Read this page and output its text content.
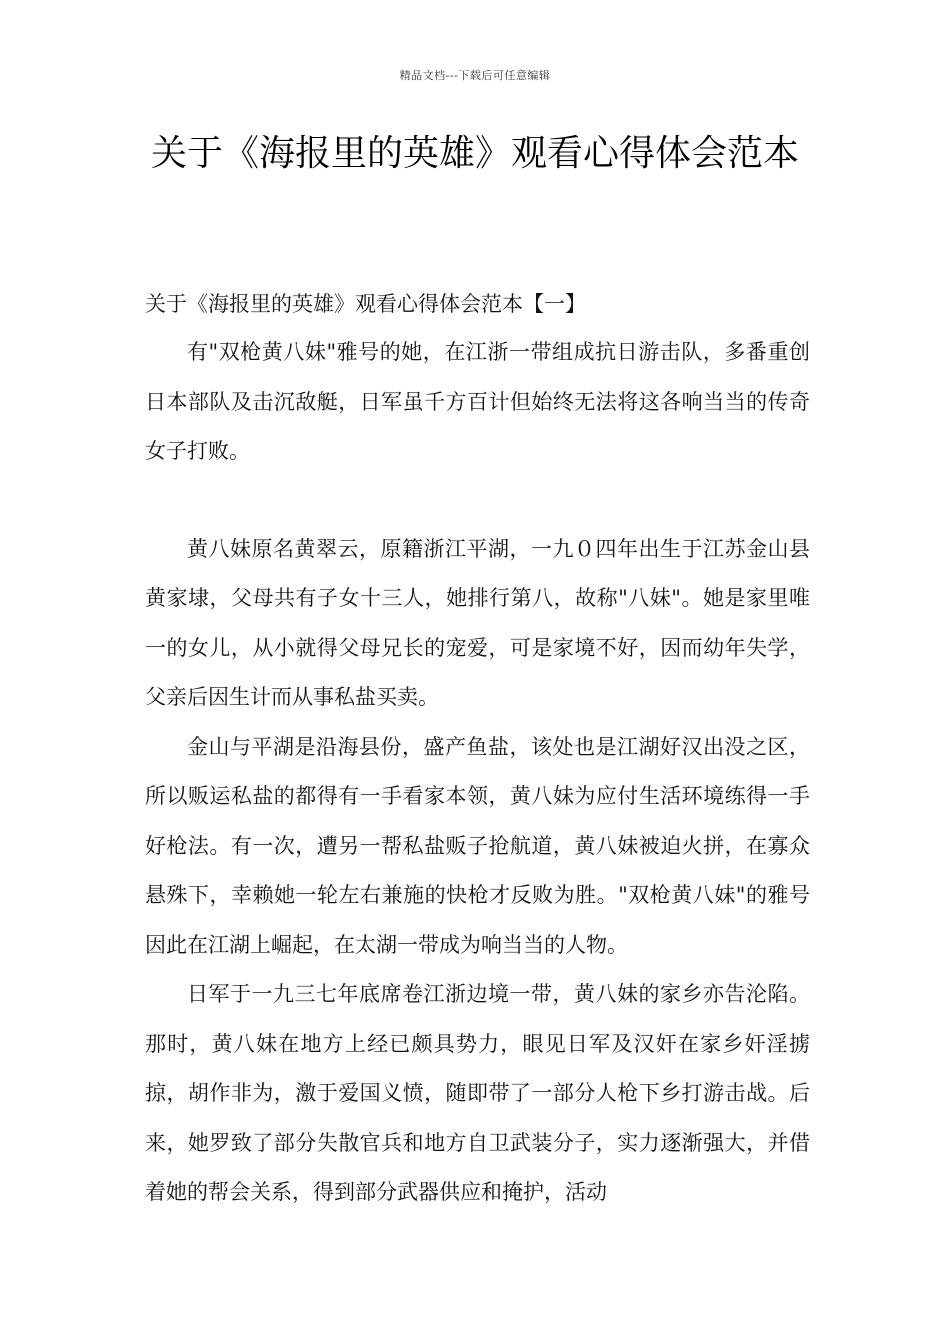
精品文档---下载后可任意编辑
关于《海报里的英雄》观看心得体会范本

关于《海报里的英雄》观看心得体会范本【一】

有"双枪黄八妹"雅号的她，在江浙一带组成抗日游击队，多番重创日本部队及击沉敌艇，日军虽千方百计但始终无法将这各响当当的传奇女子打败。

黄八妹原名黄翠云，原籍浙江平湖，一九０四年出生于江苏金山县黄家埭，父母共有子女十三人，她排行第八，故称"八妹"。她是家里唯一的女儿，从小就得父母兄长的宠爱，可是家境不好，因而幼年失学，父亲后因生计而从事私盐买卖。

金山与平湖是沿海县份，盛产鱼盐，该处也是江湖好汉出没之区，所以贩运私盐的都得有一手看家本领，黄八妹为应付生活环境练得一手好枪法。有一次，遭另一帮私盐贩子抢航道，黄八妹被迫火拼，在寡众悬殊下，幸赖她一轮左右兼施的快枪才反败为胜。"双枪黄八妹"的雅号因此在江湖上崛起，在太湖一带成为响当当的人物。

日军于一九三七年底席卷江浙边境一带，黄八妹的家乡亦告沦陷。那时，黄八妹在地方上经已颇具势力，眼见日军及汉奸在家乡奸淫掳掠，胡作非为，激于爱国义愤，随即带了一部分人枪下乡打游击战。后来，她罗致了部分失散官兵和地方自卫武装分子，实力逐渐强大，并借着她的帮会关系，得到部分武器供应和掩护，活动
